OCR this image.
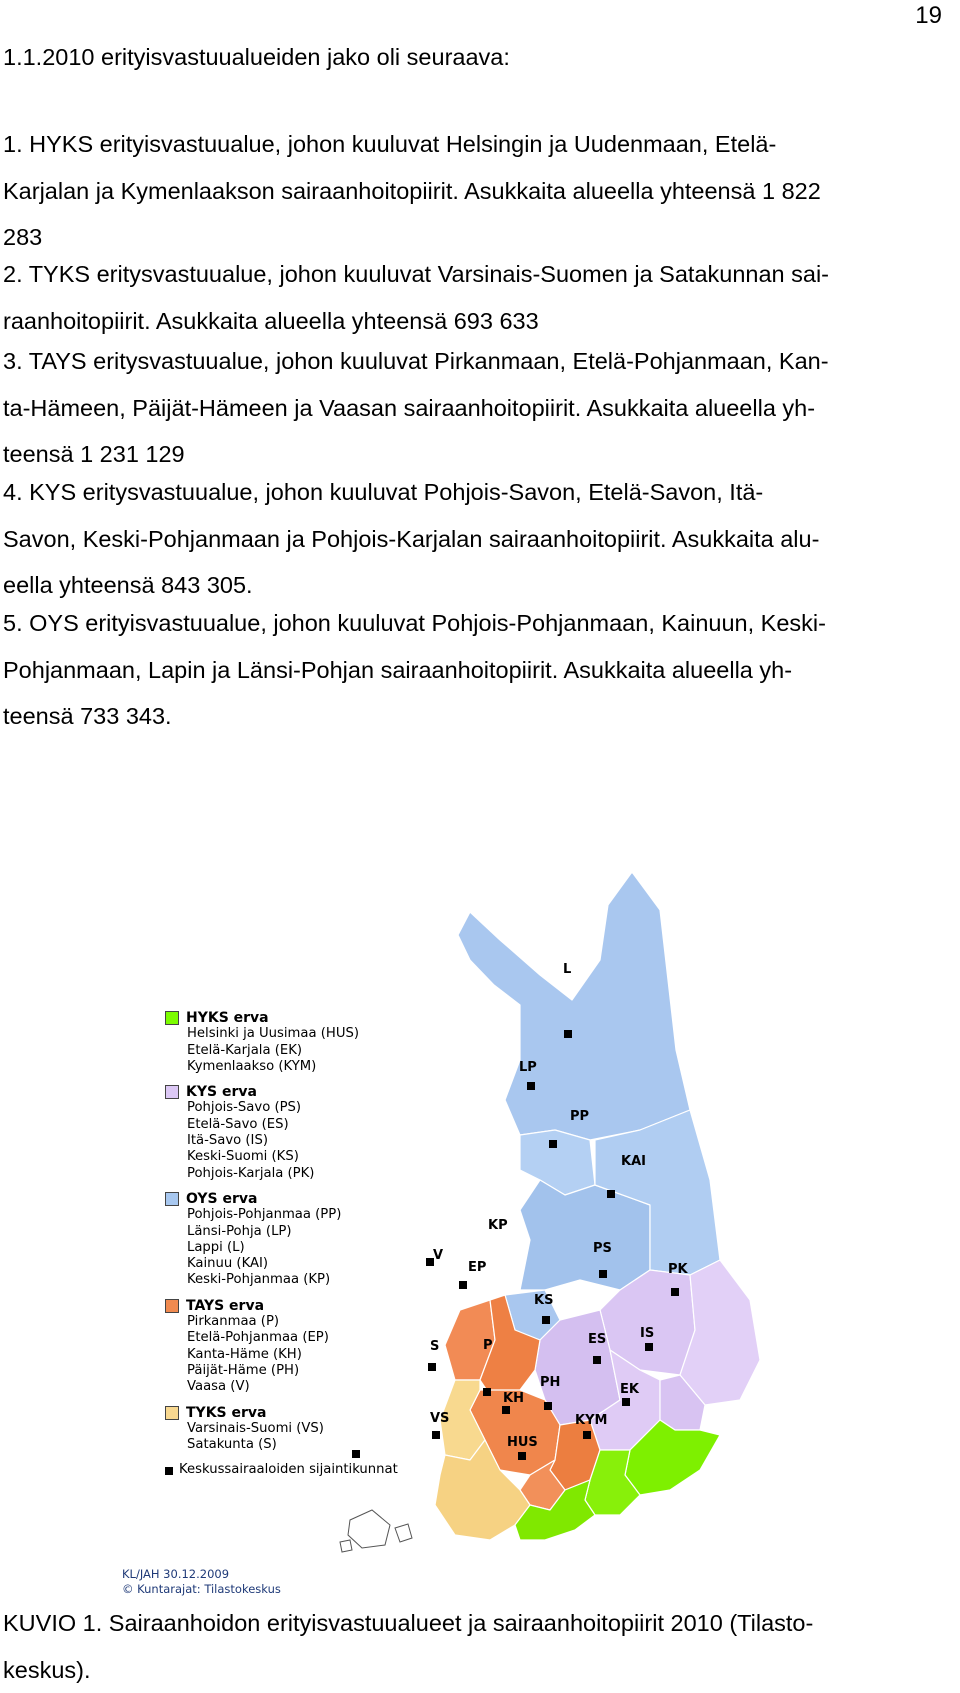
19
1.1.2010 erityisvastuualueiden jako oli seuraava:
1. HYKS erityisvastuualue, johon kuuluvat Helsingin ja Uudenmaan, Etelä-
Karjalan ja Kymenlaakson sairaanhoitopiirit. Asukkaita alueella yhteensä 1 822
283
2. TYKS eritysvastuualue, johon kuuluvat Varsinais-Suomen ja Satakunnan sai-
raanhoitopiirit. Asukkaita alueella yhteensä 693 633
3. TAYS eritysvastuualue, johon kuuluvat Pirkanmaan, Etelä-Pohjanmaan, Kan-
ta-Hämeen, Päijät-Hämeen ja Vaasan sairaanhoitopiirit. Asukkaita alueella yh-
teensä 1 231 129
4. KYS eritysvastuualue, johon kuuluvat Pohjois-Savon, Etelä-Savon, Itä-
Savon, Keski-Pohjanmaan ja Pohjois-Karjalan sairaanhoitopiirit. Asukkaita alu-
eella yhteensä 843 305.
5. OYS erityisvastuualue, johon kuuluvat Pohjois-Pohjanmaan, Kainuun, Keski-
Pohjanmaan, Lapin ja Länsi-Pohjan sairaanhoitopiirit. Asukkaita alueella yh-
teensä 733 343.
L
LP
PP
KAI
KP
V
EP
PS
PK
KS
S	P	ES	IS
PH	EK
KH
VS	KYM
HUS
HYKS erva
Helsinki ja Uusimaa (HUS)
Etelä-Karjala (EK)
Kymenlaakso (KYM)
KYS erva
Pohjois-Savo (PS)
Etelä-Savo (ES)
Itä-Savo (IS)
Keski-Suomi (KS)
Pohjois-Karjala (PK)
OYS erva
Pohjois-Pohjanmaa (PP)
Länsi-Pohja (LP)
Lappi (L)
Kainuu (KAI)
Keski-Pohjanmaa (KP)
TAYS erva
Pirkanmaa (P)
Etelä-Pohjanmaa (EP)
Kanta-Häme (KH)
Päijät-Häme (PH)
Vaasa (V)
TYKS erva
Varsinais-Suomi (VS)
Satakunta (S)
Keskussairaaloiden sijaintikunnat
KL/JAH 30.12.2009
© Kuntarajat: Tilastokeskus
KUVIO 1. Sairaanhoidon erityisvastuualueet ja sairaanhoitopiirit 2010 (Tilasto-
keskus).
